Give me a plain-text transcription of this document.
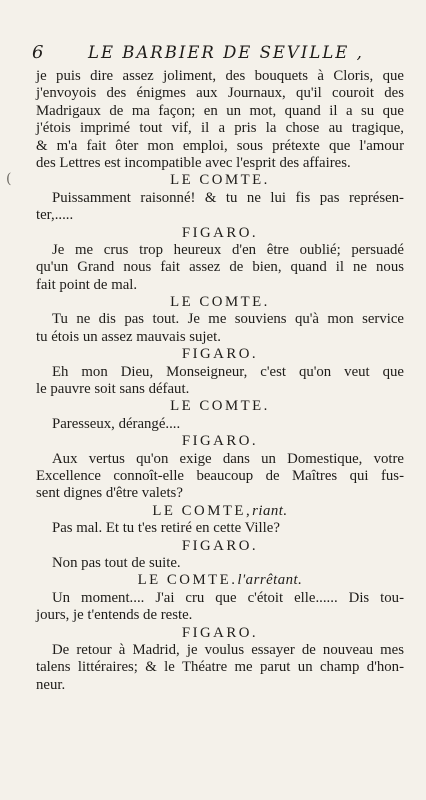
6	LE BARBIER DE SEVILLE ,
(
je puis dire assez joliment, des bouquets à Cloris, que
j'envoyois des énigmes aux Journaux, qu'il couroit des
Madrigaux de ma façon; en un mot, quand il a su que
j'étois imprimé tout vif, il a pris la chose au tragique,
& m'a fait ôter mon emploi, sous prétexte que l'amour
des Lettres est incompatible avec l'esprit des affaires.
LE COMTE.
Puissamment raisonné! & tu ne lui fis pas représen-
ter,.....
FIGARO.
Je me crus trop heureux d'en être oublié; persuadé
qu'un Grand nous fait assez de bien, quand il ne nous
fait point de mal.
LE COMTE.
Tu ne dis pas tout. Je me souviens qu'à mon service
tu étois un assez mauvais sujet.
FIGARO.
Eh mon Dieu, Monseigneur, c'est qu'on veut que
le pauvre soit sans défaut.
LE COMTE.
Paresseux, dérangé....
FIGARO.
Aux vertus qu'on exige dans un Domestique, votre
Excellence connoît-elle beaucoup de Maîtres qui fus-
sent dignes d'être valets?
LE COMTE,riant.
Pas mal. Et tu t'es retiré en cette Ville?
FIGARO.
Non pas tout de suite.
LE COMTE.l'arrêtant.
Un moment.... J'ai cru que c'étoit elle...... Dis tou-
jours, je t'entends de reste.
FIGARO.
De retour à Madrid, je voulus essayer de nouveau mes
talens littéraires; & le Théatre me parut un champ d'hon-
neur.
